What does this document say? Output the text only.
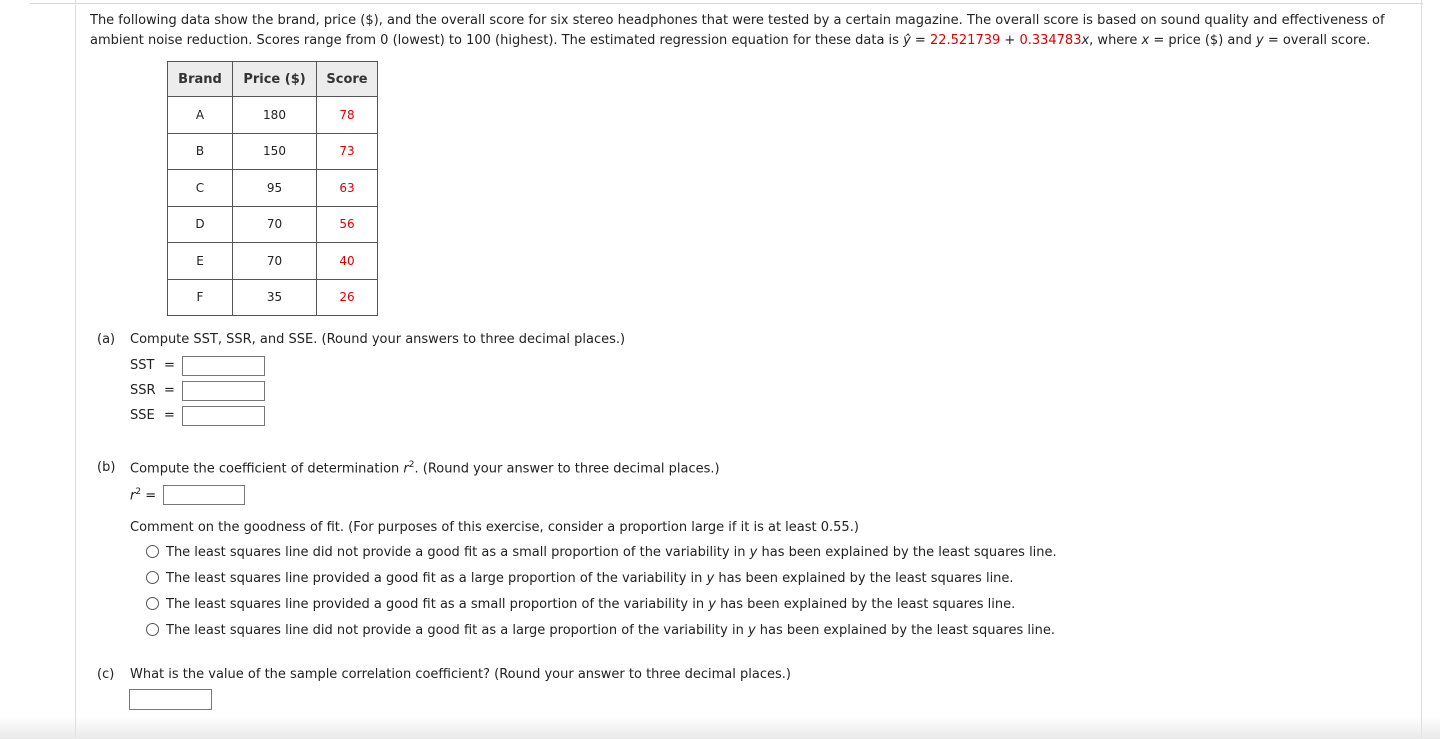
The following data show the brand, price ($), and the overall score for six stereo headphones that were tested by a certain magazine. The overall score is based on sound quality and effectiveness of ambient noise reduction. Scores range from 0 (lowest) to 100 (highest). The estimated regression equation for these data is ŷ = 22.521739 + 0.334783x, where x = price ($) and y = overall score.
Brand	Price ($)	Score
A	180	78
B	150	73
C	95	63
D	70	56
E	70	40
F	35	26
(a) Compute SST, SSR, and SSE. (Round your answers to three decimal places.)
SST =
SSR =
SSE =
(b) Compute the coefficient of determination $r^2$. (Round your answer to three decimal places.)
$r^2$ =
Comment on the goodness of fit. (For purposes of this exercise, consider a proportion large if it is at least 0.55.)
The least squares line did not provide a good fit as a small proportion of the variability in y has been explained by the least squares line.
The least squares line provided a good fit as a large proportion of the variability in y has been explained by the least squares line.
The least squares line provided a good fit as a small proportion of the variability in y has been explained by the least squares line.
The least squares line did not provide a good fit as a large proportion of the variability in y has been explained by the least squares line.
(c) What is the value of the sample correlation coefficient? (Round your answer to three decimal places.)
